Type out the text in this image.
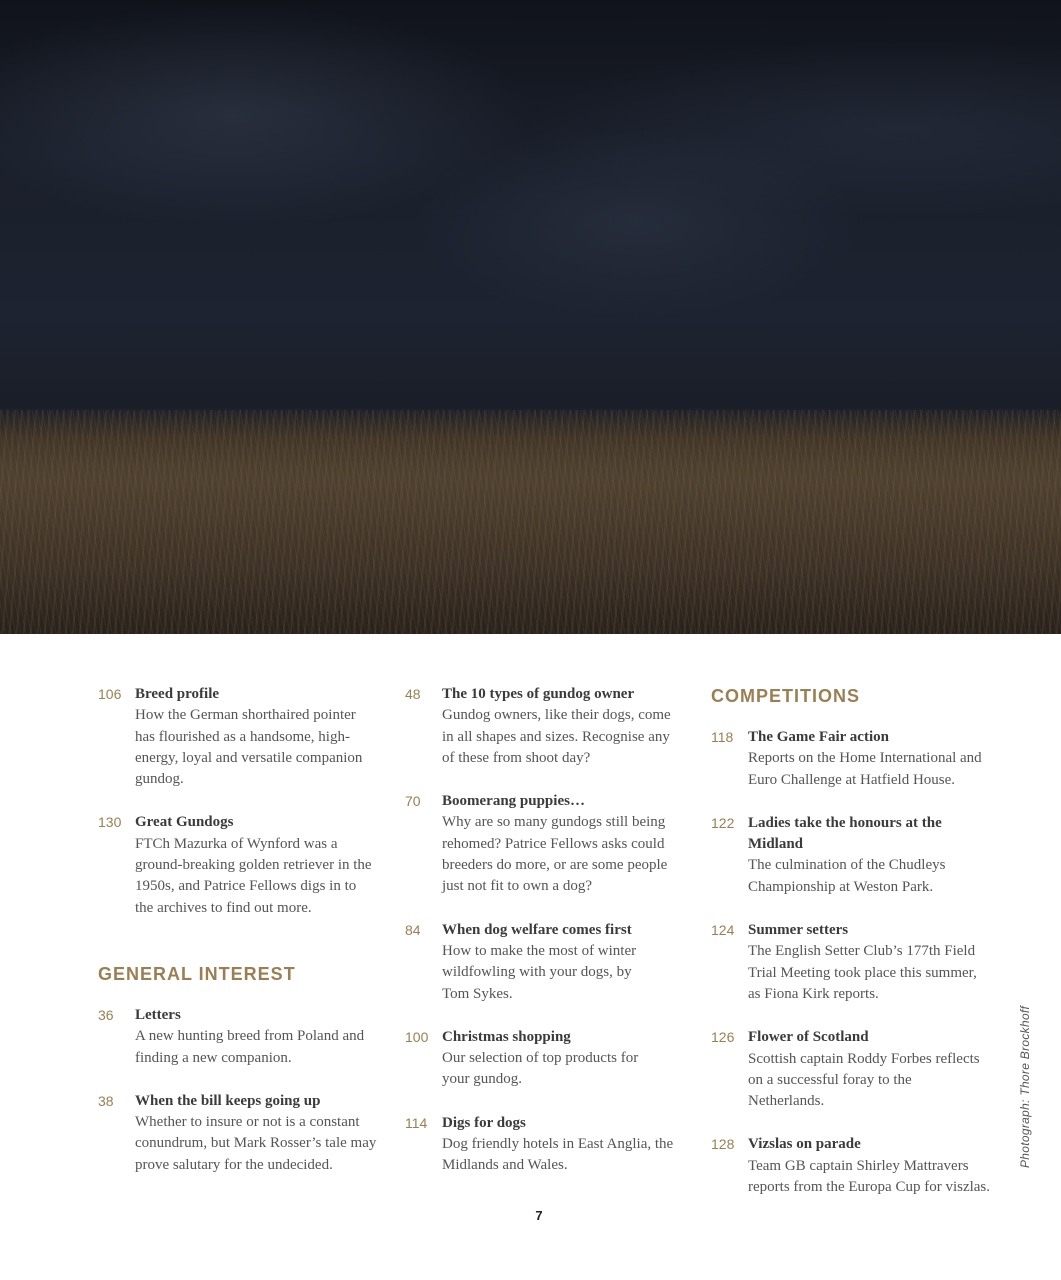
106 Breed profile

How the German shorthaired pointer has flourished as a handsome, high-energy, loyal and versatile companion gundog.

130 Great Gundogs

FTCh Mazurka of Wynford was a ground-breaking golden retriever in the 1950s, and Patrice Fellows digs in to the archives to find out more.

GENERAL INTEREST
36 Letters

A new hunting breed from Poland and finding a new companion.

38 When the bill keeps going up

Whether to insure or not is a constant conundrum, but Mark Rosser’s tale may prove salutary for the undecided.

48 The 10 types of gundog owner

Gundog owners, like their dogs, come in all shapes and sizes. Recognise any of these from shoot day?

70 Boomerang puppies…

Why are so many gundogs still being rehomed? Patrice Fellows asks could breeders do more, or are some people just not fit to own a dog?

84 When dog welfare comes first

How to make the most of winter wildfowling with your dogs, by Tom Sykes.

100 Christmas shopping

Our selection of top products for your gundog.

114 Digs for dogs

Dog friendly hotels in East Anglia, the Midlands and Wales.

COMPETITIONS
118 The Game Fair action

Reports on the Home International and Euro Challenge at Hatfield House.

122 Ladies take the honours at the Midland

The culmination of the Chudleys Championship at Weston Park.

124 Summer setters

The English Setter Club’s 177th Field Trial Meeting took place this summer, as Fiona Kirk reports.

126 Flower of Scotland

Scottish captain Roddy Forbes reflects on a successful foray to the Netherlands.

128 Vizslas on parade

Team GB captain Shirley Mattravers reports from the Europa Cup for viszlas.

Photograph: Thore Brockhoff
7
